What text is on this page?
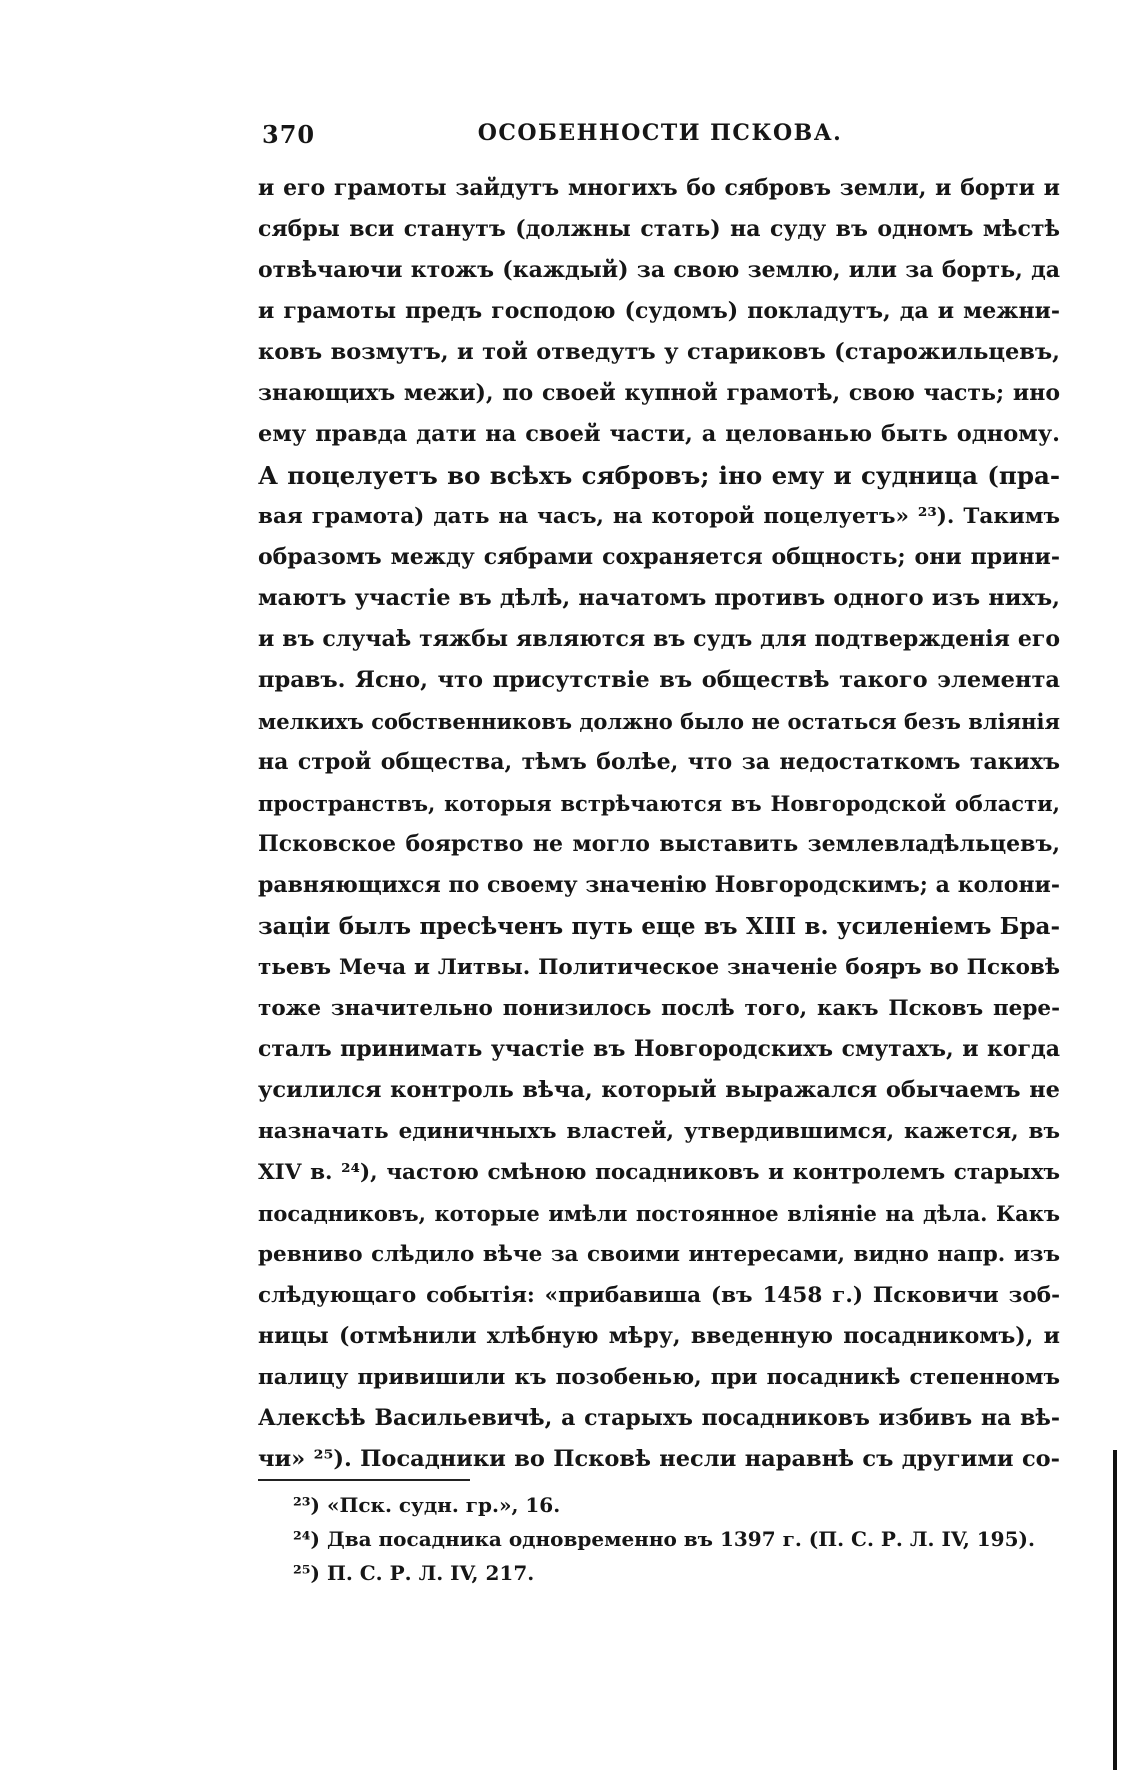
370	ОСОБЕННОСТИ ПСКОВА.
и его грамоты зайдутъ многихъ бо сябровъ земли, и борти и
сябры вси станутъ (должны стать) на суду въ одномъ мѣстѣ
отвѣчаючи ктожъ (каждый) за свою землю, или за борть, да
и грамоты предъ господою (судомъ) покладутъ, да и межни-
ковъ возмутъ, и той отведутъ у стариковъ (старожильцевъ,
знающихъ межи), по своей купной грамотѣ, свою часть; ино
ему правда дати на своей части, а целованью быть одному.
А поцелуетъ во всѣхъ сябровъ; іно ему и судница (пра-
вая грамота) дать на часъ, на которой поцелуетъ» ²³). Такимъ
образомъ между сябрами сохраняется общность; они прини-
маютъ участіе въ дѣлѣ, начатомъ противъ одного изъ нихъ,
и въ случаѣ тяжбы являются въ судъ для подтвержденія его
правъ. Ясно, что присутствіе въ обществѣ такого элемента
мелкихъ собственниковъ должно было не остаться безъ вліянія
на строй общества, тѣмъ болѣе, что за недостаткомъ такихъ
пространствъ, которыя встрѣчаются въ Новгородской области,
Псковское боярство не могло выставить землевладѣльцевъ,
равняющихся по своему значенію Новгородскимъ; а колони-
заціи былъ пресѣченъ путь еще въ XIII в. усиленіемъ Бра-
тьевъ Меча и Литвы. Политическое значеніе бояръ во Псковѣ
тоже значительно понизилось послѣ того, какъ Псковъ пере-
сталъ принимать участіе въ Новгородскихъ смутахъ, и когда
усилился контроль вѣча, который выражался обычаемъ не
назначать единичныхъ властей, утвердившимся, кажется, въ
XIV в. ²⁴), частою смѣною посадниковъ и контролемъ старыхъ
посадниковъ, которые имѣли постоянное вліяніе на дѣла. Какъ
ревниво слѣдило вѣче за своими интересами, видно напр. изъ
слѣдующаго событія: «прибавиша (въ 1458 г.) Псковичи зоб-
ницы (отмѣнили хлѣбную мѣру, введенную посадникомъ), и
палицу привишили къ позобенью, при посадникѣ степенномъ
Алексѣѣ Васильевичѣ, а старыхъ посадниковъ избивъ на вѣ-
чи» ²⁵). Посадники во Псковѣ несли наравнѣ съ другими со-
²³) «Пск. судн. гр.», 16.
²⁴) Два посадника одновременно въ 1397 г. (П. С. Р. Л. IV, 195).
²⁵) П. С. Р. Л. IV, 217.
